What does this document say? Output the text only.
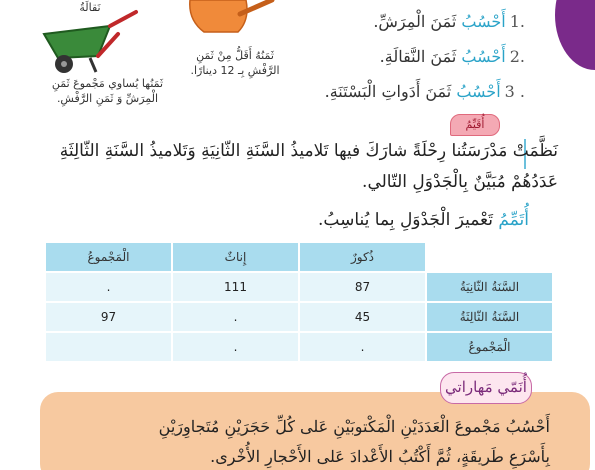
نَقالَةُ
ثَمَنُها يُساوي مَجْموعَ ثَمَنِ الْمِرَشِّ وَ ثَمَنِ الرَّفْشِ.
ثَمَنُهُ أَقَلُّ مِنْ ثَمَنِ الرَّفْشِ بِـ 12 دينارًا.
.1أَحْسُبُ ثَمَنَ الْمِرَشِّ.
.2أَحْسُبُ ثَمَنَ النَّقالَةِ.
. 3أَحْسُبُ ثَمَنَ أَدَواتِ الْبَسْتَنَةِ.
أُقَيِّمُ
نَظَّمَتْ مَدْرَسَتُنا رِحْلَةً شارَكَ فيها تَلاميذُ السَّنَةِ الثّانِيَةِ وَتَلاميذُ السَّنَةِ الثّالِثَةِ عَدَدُهُمْ مُبَيَّنٌ بِالْجَدْوَلِ التّالي.
أُتَمِّمُ تَعْميرَ الْجَدْوَلِ بِما يُناسِبُ.
	ذُكورٌ	إِناثٌ	الْمَجْموعُ
السَّنَةُ الثّانِيَةُ	87	111	.
السَّنَةُ الثّالِثَةُ	45	.	97
الْمَجْموعُ	.	.	
أُنَمّي مَهاراتي
أَحْسُبُ مَجْموعَ الْعَدَدَيْنِ الْمَكْتوبَيْنِ عَلى كُلِّ حَجَرَيْنِ مُتَجاوِرَيْنِ
بِأَسْرَعِ طَريقَةٍ، ثُمَّ أَكْتُبُ الأَعْدادَ عَلى الأَحْجارِ الأُخْرى.
